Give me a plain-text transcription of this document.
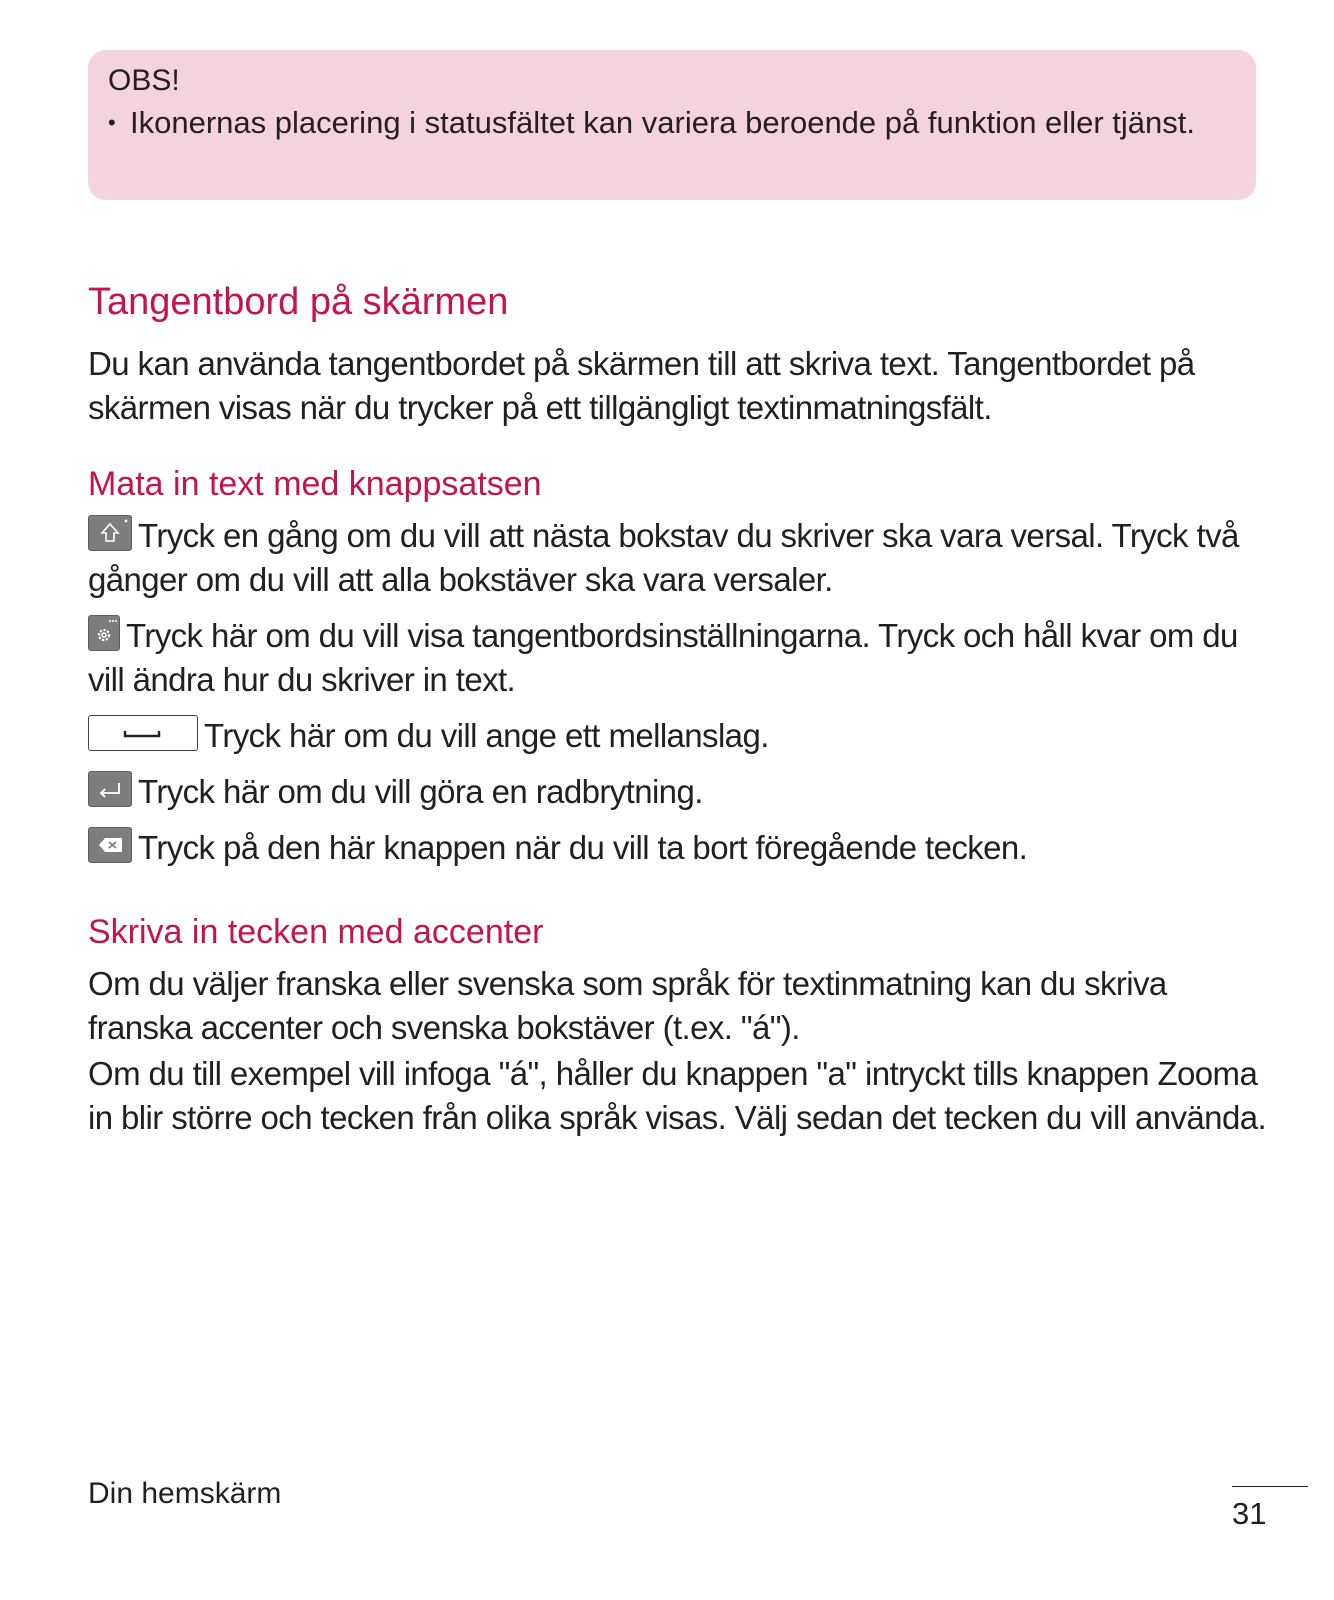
OBS!
• Ikonernas placering i statusfältet kan variera beroende på funktion eller tjänst.
Tangentbord på skärmen

Du kan använda tangentbordet på skärmen till att skriva text. Tangentbordet på skärmen visas när du trycker på ett tillgängligt textinmatningsfält.

Mata in text med knappsatsen
Tryck en gång om du vill att nästa bokstav du skriver ska vara versal. Tryck två gånger om du vill att alla bokstäver ska vara versaler.
Tryck här om du vill visa tangentbordsinställningarna. Tryck och håll kvar om du vill ändra hur du skriver in text.
Tryck här om du vill ange ett mellanslag.
Tryck här om du vill göra en radbrytning.
Tryck på den här knappen när du vill ta bort föregående tecken.
Skriva in tecken med accenter

Om du väljer franska eller svenska som språk för textinmatning kan du skriva franska accenter och svenska bokstäver (t.ex. "á").

Om du till exempel vill infoga "á", håller du knappen "a" intryckt tills knappen Zooma in blir större och tecken från olika språk visas. Välj sedan det tecken du vill använda.

Din hemskärm
31
